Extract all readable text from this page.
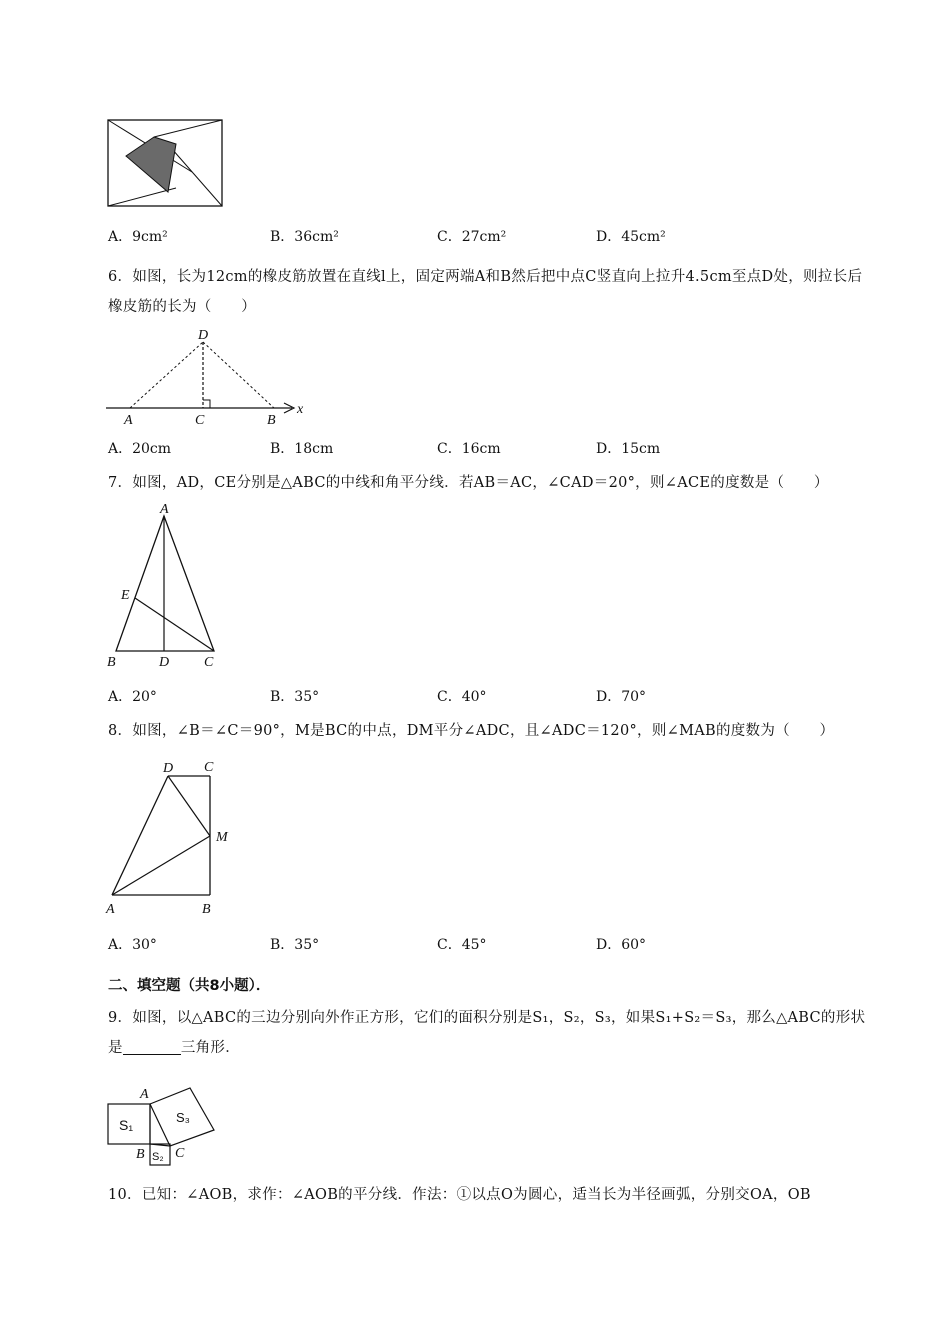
A．9cm²	B．36cm²	C．27cm²	D．45cm²
6．如图，长为12cm的橡皮筋放置在直线l上，固定两端A和B然后把中点C竖直向上拉升4.5cm至点D处，则拉长后橡皮筋的长为（　　）
D
A	C	B
x
A．20cm	B．18cm	C．16cm	D．15cm
7．如图，AD，CE分别是△ABC的中线和角平分线．若AB＝AC，∠CAD＝20°，则∠ACE的度数是（　　）
A
E
B	D C
A．20°	B．35°	C．40°	D．70°
8．如图，∠B＝∠C＝90°，M是BC的中点，DM平分∠ADC，且∠ADC＝120°，则∠MAB的度数为（　　）
D C
M
A	B
A．30°	B．35°	C．45°	D．60°
二、填空题（共8小题）．
9．如图，以△ABC的三边分别向外作正方形，它们的面积分别是S₁，S₂，S₃，如果S₁+S₂＝S₃，那么△ABC的形状是	三角形．
A
B C
S₁	S₃
S₂
10．已知：∠AOB，求作：∠AOB的平分线．作法：①以点O为圆心，适当长为半径画弧，分别交OA，OB
